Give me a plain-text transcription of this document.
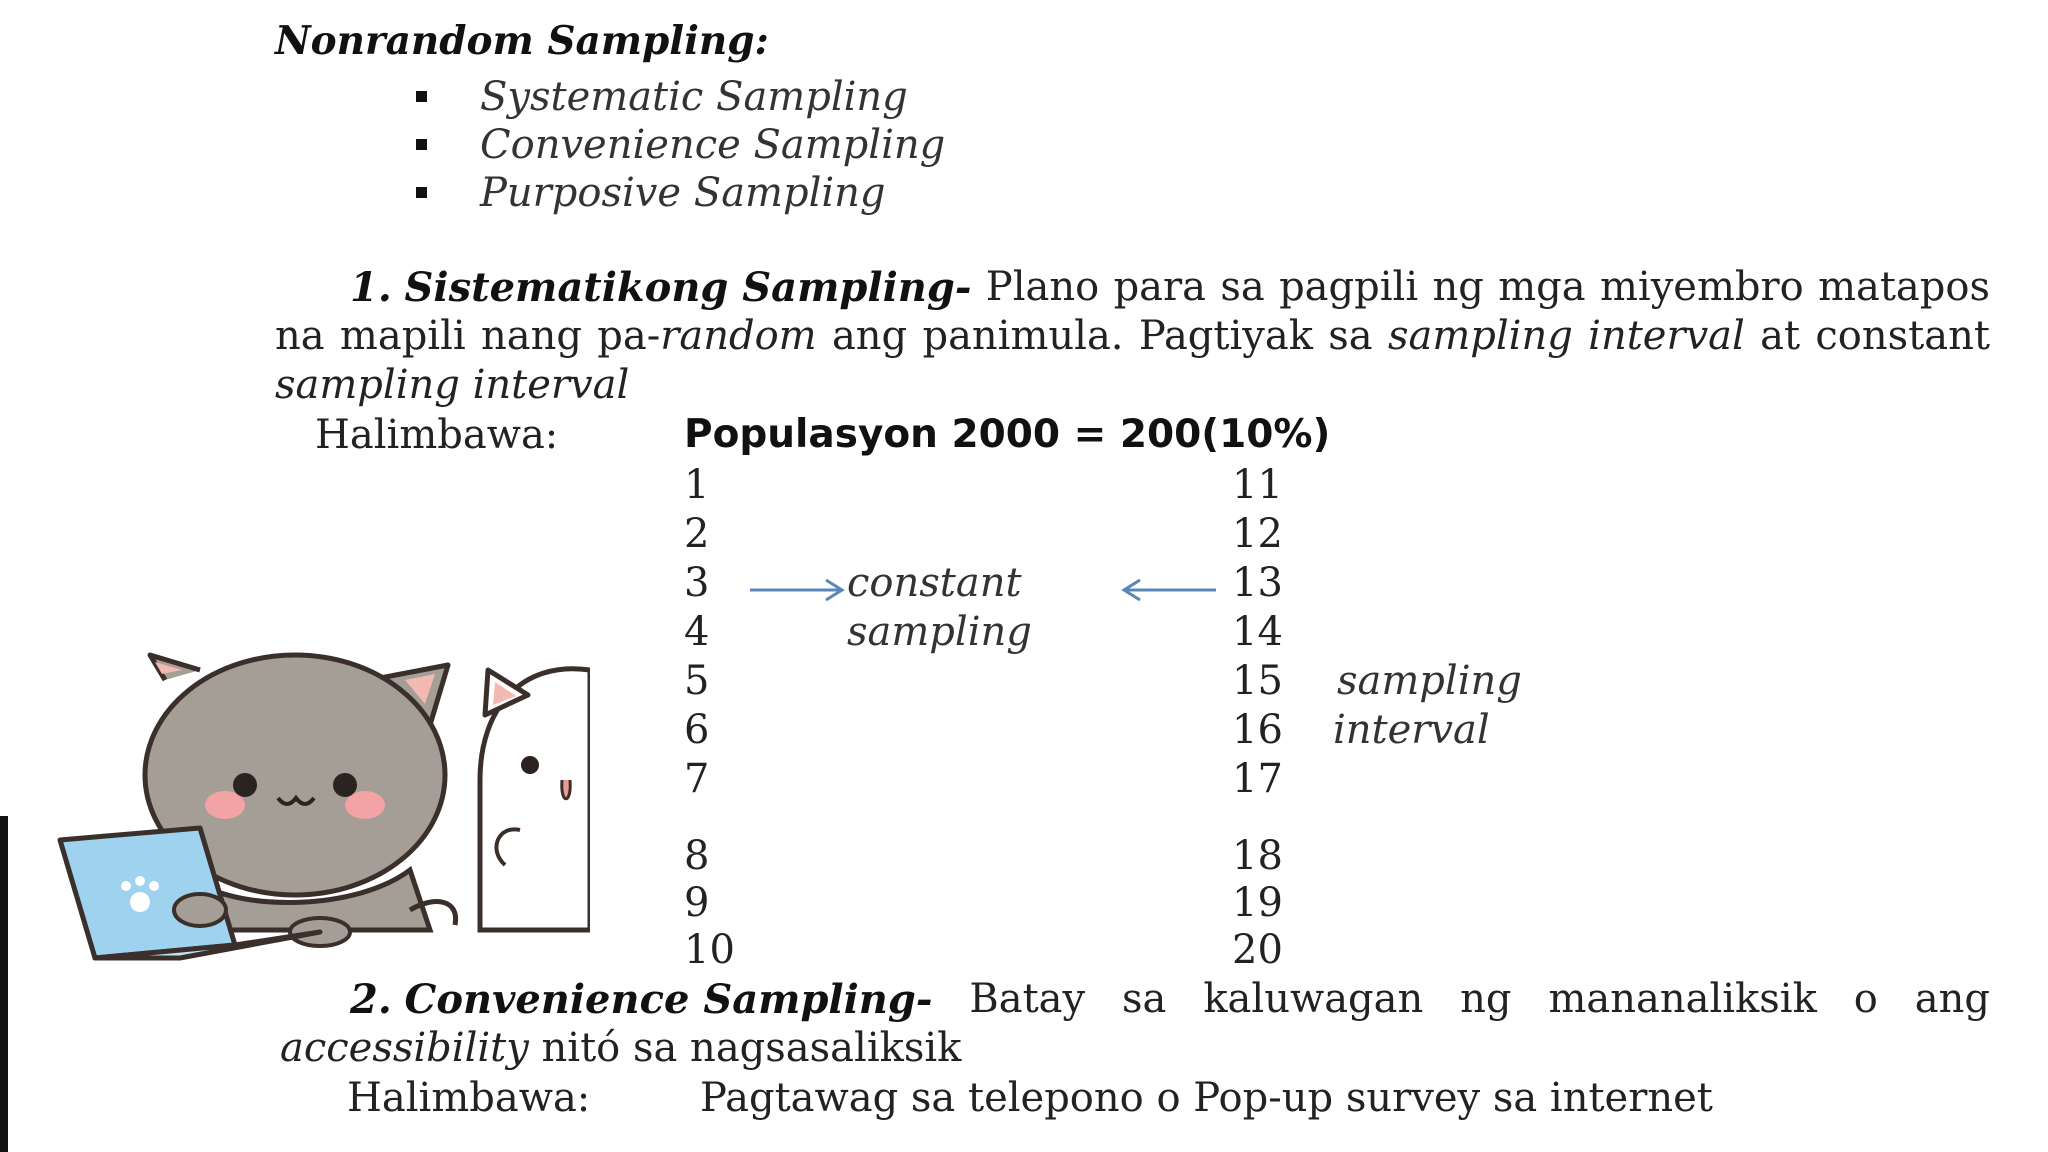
Nonrandom Sampling:
Systematic Sampling
Convenience Sampling
Purposive Sampling
1. Sistematikong Sampling- Plano para sa pagpili ng mga miyembro matapos
na mapili nang pa-random ang panimula. Pagtiyak sa sampling interval at constant
sampling interval
Halimbawa:	Populasyon 2000 = 200(10%)
1
2
3
4
5
6
7
8
9
10
11
12
13
14
15
16
17
18
19
20
constant
sampling
sampling
interval
2. Convenience Sampling- Batay sa kaluwagan ng mananaliksik o ang
accessibility nitó sa nagsasaliksik
Halimbawa:	Pagtawag sa telepono o Pop-up survey sa internet
